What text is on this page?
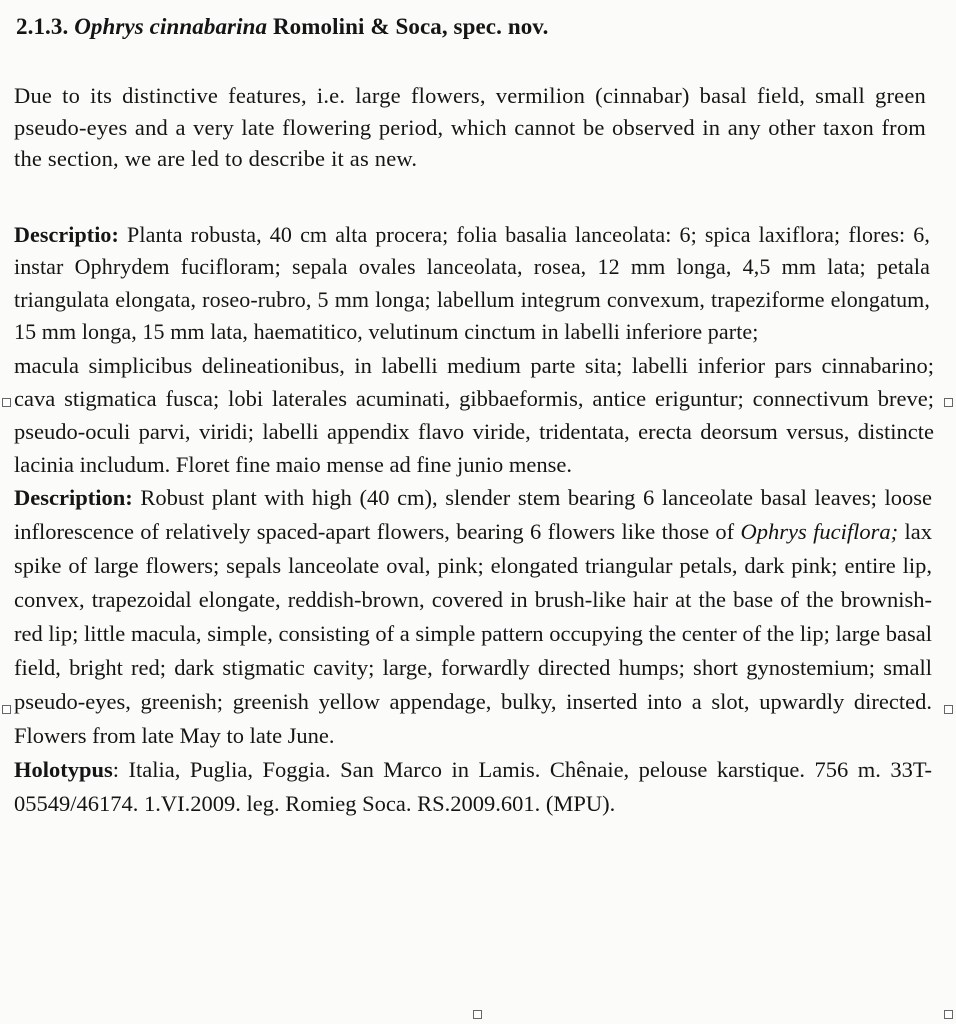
2.1.3. Ophrys cinnabarina Romolini & Soca, spec. nov.
Due to its distinctive features, i.e. large flowers, vermilion (cinnabar) basal field, small green pseudo-eyes and a very late flowering period, which cannot be observed in any other taxon from the section, we are led to describe it as new.
Descriptio: Planta robusta, 40 cm alta procera; folia basalia lanceolata: 6; spica laxiflora; flores: 6, instar Ophrydem fucifloram; sepala ovales lanceolata, rosea, 12 mm longa, 4,5 mm lata; petala triangulata elongata, roseo-rubro, 5 mm longa; labellum integrum convexum, trapeziforme elongatum, 15 mm longa, 15 mm lata, haematitico, velutinum cinctum in labelli inferiore parte;
macula simplicibus delineationibus, in labelli medium parte sita; labelli inferior pars cinnabarino; cava stigmatica fusca; lobi laterales acuminati, gibbaeformis, antice eriguntur; connectivum breve; pseudo-oculi parvi, viridi; labelli appendix flavo viride, tridentata, erecta deorsum versus, distincte lacinia includum. Floret fine maio mense ad fine junio mense.
Description: Robust plant with high (40 cm), slender stem bearing 6 lanceolate basal leaves; loose inflorescence of relatively spaced-apart flowers, bearing 6 flowers like those of Ophrys fuciflora; lax spike of large flowers; sepals lanceolate oval, pink; elongated triangular petals, dark pink; entire lip, convex, trapezoidal elongate, reddish-brown, covered in brush-like hair at the base of the brownish-red lip; little macula, simple, consisting of a simple pattern occupying the center of the lip; large basal field, bright red; dark stigmatic cavity; large, forwardly directed humps; short gynostemium; small pseudo-eyes, greenish; greenish yellow appendage, bulky, inserted into a slot, upwardly directed. Flowers from late May to late June.
Holotypus: Italia, Puglia, Foggia. San Marco in Lamis. Chênaie, pelouse karstique. 756 m. 33T-05549/46174. 1.VI.2009. leg. Romieg Soca. RS.2009.601. (MPU).
